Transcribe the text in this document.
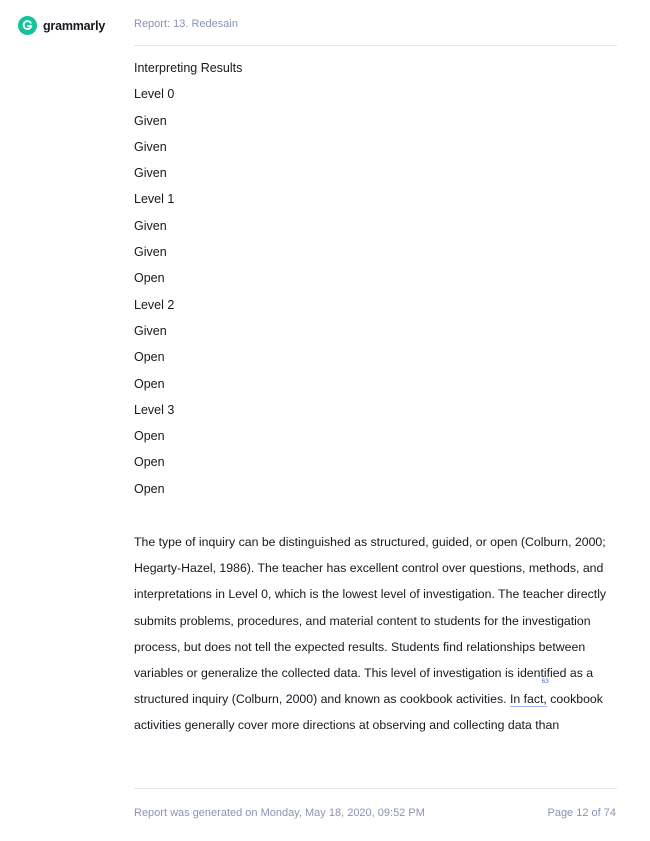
grammarly	Report: 13. Redesain
Interpreting Results
Level 0
Given
Given
Given
Level 1
Given
Given
Open
Level 2
Given
Open
Open
Level 3
Open
Open
Open

The type of inquiry can be distinguished as structured, guided, or open (Colburn, 2000; Hegarty-Hazel, 1986). The teacher has excellent control over questions, methods, and interpretations in Level 0, which is the lowest level of investigation. The teacher directly submits problems, procedures, and material content to students for the investigation process, but does not tell the expected results. Students find relationships between variables or generalize the collected data. This level of investigation is identified as a structured inquiry (Colburn, 2000) and known as cookbook activities. In fact,
63
cookbook activities generally cover more directions at observing and collecting data than

Report was generated on Monday, May 18, 2020, 09:52 PM	Page 12 of 74
